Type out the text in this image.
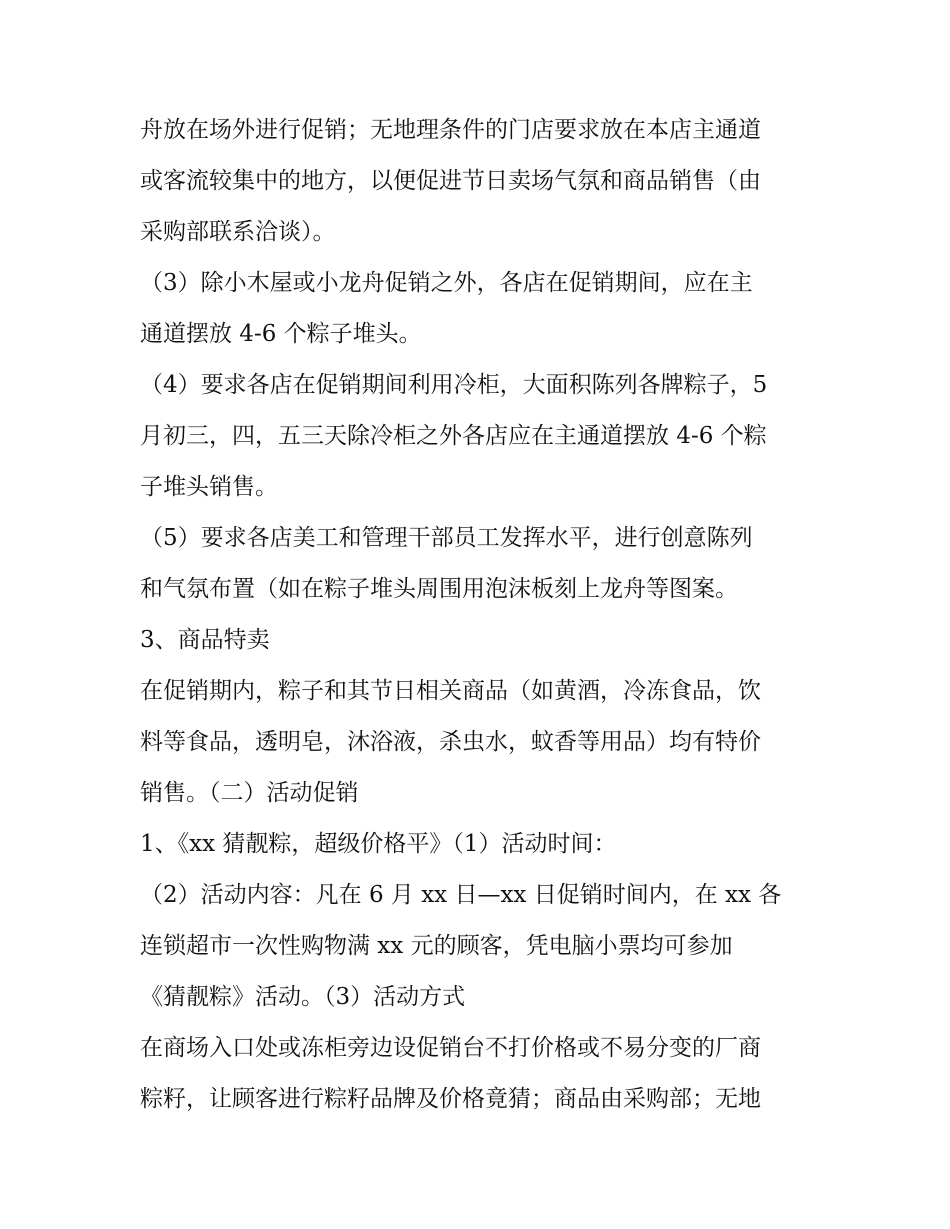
舟放在场外进行促销；无地理条件的门店要求放在本店主通道

或客流较集中的地方，以便促进节日卖场气氛和商品销售（由

采购部联系洽谈）。

（3）除小木屋或小龙舟促销之外，各店在促销期间，应在主

通道摆放 4-6 个粽子堆头。

（4）要求各店在促销期间利用冷柜，大面积陈列各牌粽子，5

月初三，四，五三天除冷柜之外各店应在主通道摆放 4-6 个粽

子堆头销售。

（5）要求各店美工和管理干部员工发挥水平，进行创意陈列

和气氛布置（如在粽子堆头周围用泡沫板刻上龙舟等图案。

3、商品特卖

在促销期内，粽子和其节日相关商品（如黄酒，冷冻食品，饮

料等食品，透明皂，沐浴液，杀虫水，蚊香等用品）均有特价

销售。（二）活动促销

1、《xx 猜靓粽，超级价格平》（1）活动时间：

（2）活动内容：凡在 6 月 xx 日—xx 日促销时间内，在 xx 各

连锁超市一次性购物满 xx 元的顾客，凭电脑小票均可参加

《猜靓粽》活动。（3）活动方式

在商场入口处或冻柜旁边设促销台不打价格或不易分变的厂商

粽籽，让顾客进行粽籽品牌及价格竟猜；商品由采购部；无地
